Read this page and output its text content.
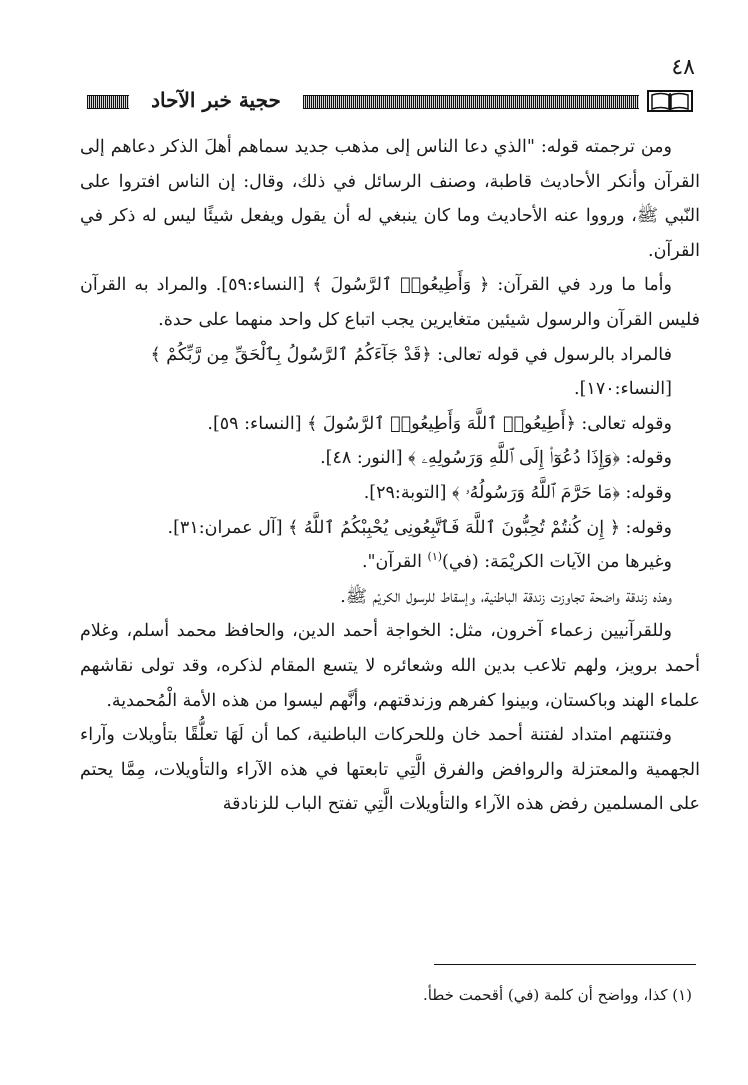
٤٨
حجية خبر الآحاد

ومن ترجمته قوله: "الذي دعا الناس إلى مذهب جديد سماهم أهلَ الذكر دعاهم إلى القرآن وأنكر الأحاديث قاطبة، وصنف الرسائل في ذلك، وقال: إن الناس افتروا على النّبي ﷺ، ورووا عنه الأحاديث وما كان ينبغي له أن يقول ويفعل شيئًا ليس له ذكر في القرآن.

وأما ما ورد في القرآن: ﴿ وَأَطِيعُوا۟ ٱلرَّسُولَ ﴾ [النساء:٥٩]. والمراد به القرآن فليس القرآن والرسول شيئين متغايرين يجب اتباع كل واحد منهما على حدة.

فالمراد بالرسول في قوله تعالى: ﴿قَدْ جَآءَكُمُ ٱلرَّسُولُ بِٱلْحَقِّ مِن رَّبِّكُمْ ﴾ [النساء:١٧٠].

وقوله تعالى: ﴿أَطِيعُوا۟ ٱللَّهَ وَأَطِيعُوا۟ ٱلرَّسُولَ ﴾ [النساء: ٥٩].

وقوله: ﴿وَإِذَا دُعُوٓا۟ إِلَى ٱللَّهِ وَرَسُولِهِۦ ﴾ [النور: ٤٨].

وقوله: ﴿مَا حَرَّمَ ٱللَّهُ وَرَسُولُهُۥ ﴾ [التوبة:٢٩].

وقوله: ﴿ إِن كُنتُمْ تُحِبُّونَ ٱللَّهَ فَٱتَّبِعُونِى يُحْبِبْكُمُ ٱللَّهُ ﴾ [آل عمران:٣١].

وغيرها من الآيات الكريْمَة: (في)$^{(١)}$ القرآن".

وهذه زندقة واضحة تجاوزت زندقة الباطنية، وإسقاط للرسول الكريْم ﷺ.

وللقرآنيين زعماء آخرون، مثل: الخواجة أحمد الدين، والحافظ محمد أسلم، وغلام أحمد برويز، ولهم تلاعب بدين الله وشعائره لا يتسع المقام لذكره، وقد تولى نقاشهم علماء الهند وباكستان، وبينوا كفرهم وزندقتهم، وأنَّهم ليسوا من هذه الأمة الْمُحمدية.

وفتنتهم امتداد لفتنة أحمد خان وللحركات الباطنية، كما أن لَهَا تعلُّقًا بتأويلات وآراء الجهمية والمعتزلة والروافض والفرق الَّتِي تابعتها في هذه الآراء والتأويلات، مِمَّا يحتم على المسلمين رفض هذه الآراء والتأويلات الَّتِي تفتح الباب للزنادقة

(١) كذا، وواضح أن كلمة (في) أقحمت خطأ.
